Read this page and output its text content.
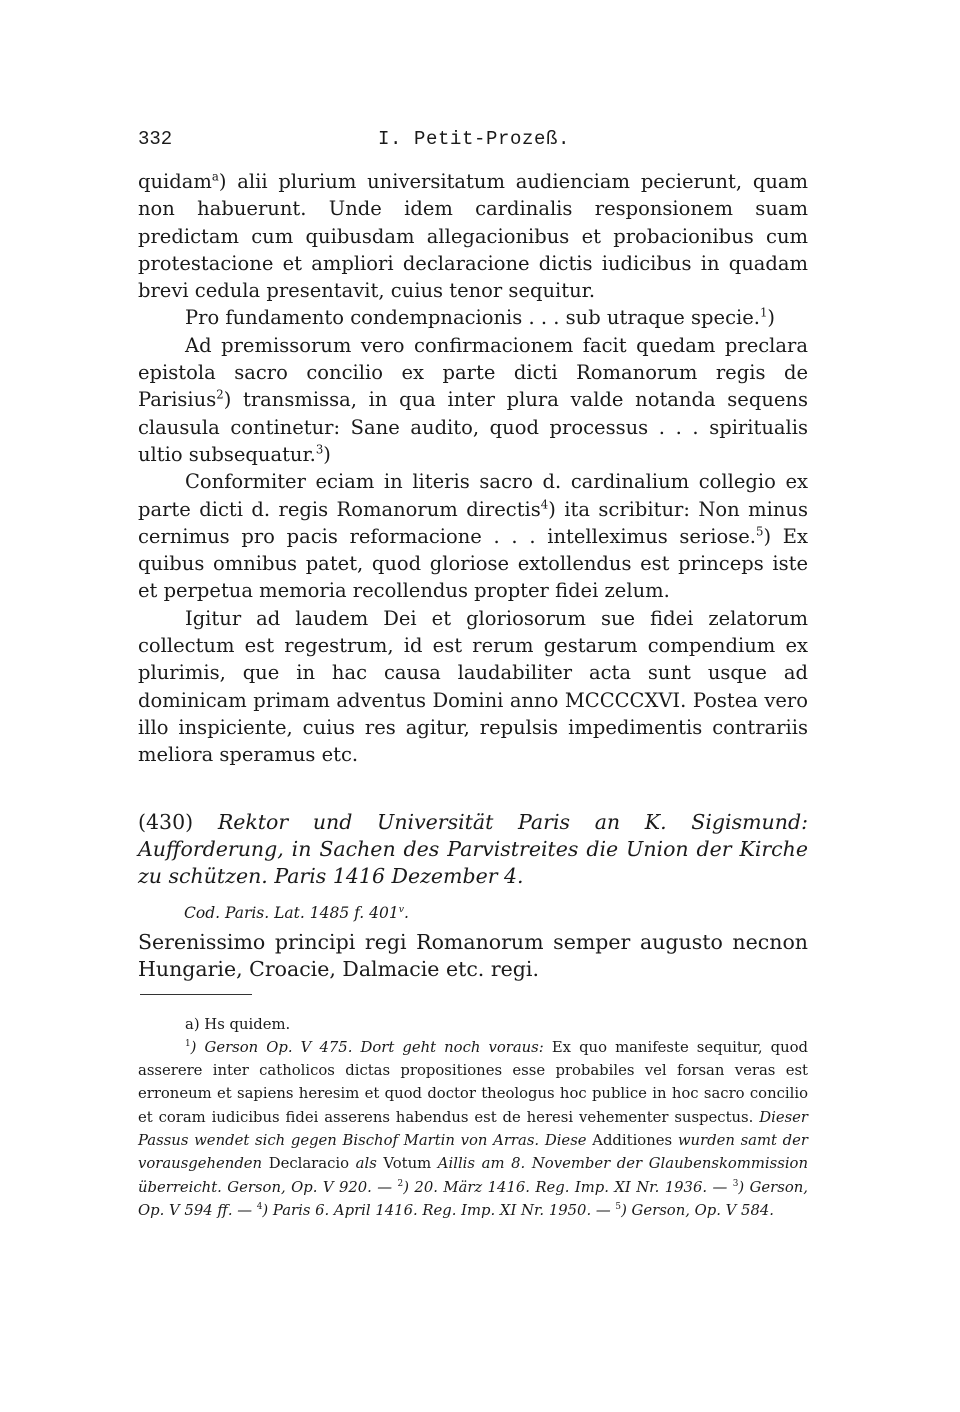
332	I. Petit-Prozeß.

quidam$^a$) alii plurium universitatum audienciam pecierunt, quam non habuerunt. Unde idem cardinalis responsionem suam predictam cum quibusdam allegacionibus et probacionibus cum protestacione et ampliori declaracione dictis iudicibus in quadam brevi cedula presentavit, cuius tenor sequitur.

Pro fundamento condempnacionis . . . sub utraque specie.$^1$)

Ad premissorum vero confirmacionem facit quedam preclara epistola sacro concilio ex parte dicti Romanorum regis de Parisius$^2$) transmissa, in qua inter plura valde notanda sequens clausula continetur: Sane audito, quod processus . . . spiritualis ultio subsequatur.$^3$)

Conformiter eciam in literis sacro d. cardinalium collegio ex parte dicti d. regis Romanorum directis$^4$) ita scribitur: Non minus cernimus pro pacis reformacione . . . intelleximus seriose.$^5$) Ex quibus omnibus patet, quod gloriose extollendus est princeps iste et perpetua memoria recollendus propter fidei zelum.

Igitur ad laudem Dei et gloriosorum sue fidei zelatorum collectum est regestrum, id est rerum gestarum compendium ex plurimis, que in hac causa laudabiliter acta sunt usque ad dominicam primam adventus Domini anno MCCCCXVI. Postea vero illo inspiciente, cuius res agitur, repulsis impedimentis contrariis meliora speramus etc.

(430) Rektor und Universität Paris an K. Sigismund: Aufforderung, in Sachen des Parvistreites die Union der Kirche zu schützen. Paris 1416 Dezember 4.

Cod. Paris. Lat. 1485 f. 401$^v$.

Serenissimo principi regi Romanorum semper augusto necnon Hungarie, Croacie, Dalmacie etc. regi.

a) Hs quidem.

$^1$) Gerson Op. V 475. Dort geht noch voraus: Ex quo manifeste sequitur, quod asserere inter catholicos dictas propositiones esse probabiles vel forsan veras est erroneum et sapiens heresim et quod doctor theologus hoc publice in hoc sacro concilio et coram iudicibus fidei asserens habendus est de heresi vehementer suspectus. Dieser Passus wendet sich gegen Bischof Martin von Arras. Diese Additiones wurden samt der vorausgehenden Declaracio als Votum Aillis am 8. November der Glaubenskommission überreicht. Gerson, Op. V 920. — $^2$) 20. März 1416. Reg. Imp. XI Nr. 1936. — $^3$) Gerson, Op. V 594 ff. — $^4$) Paris 6. April 1416. Reg. Imp. XI Nr. 1950. — $^5$) Gerson, Op. V 584.
